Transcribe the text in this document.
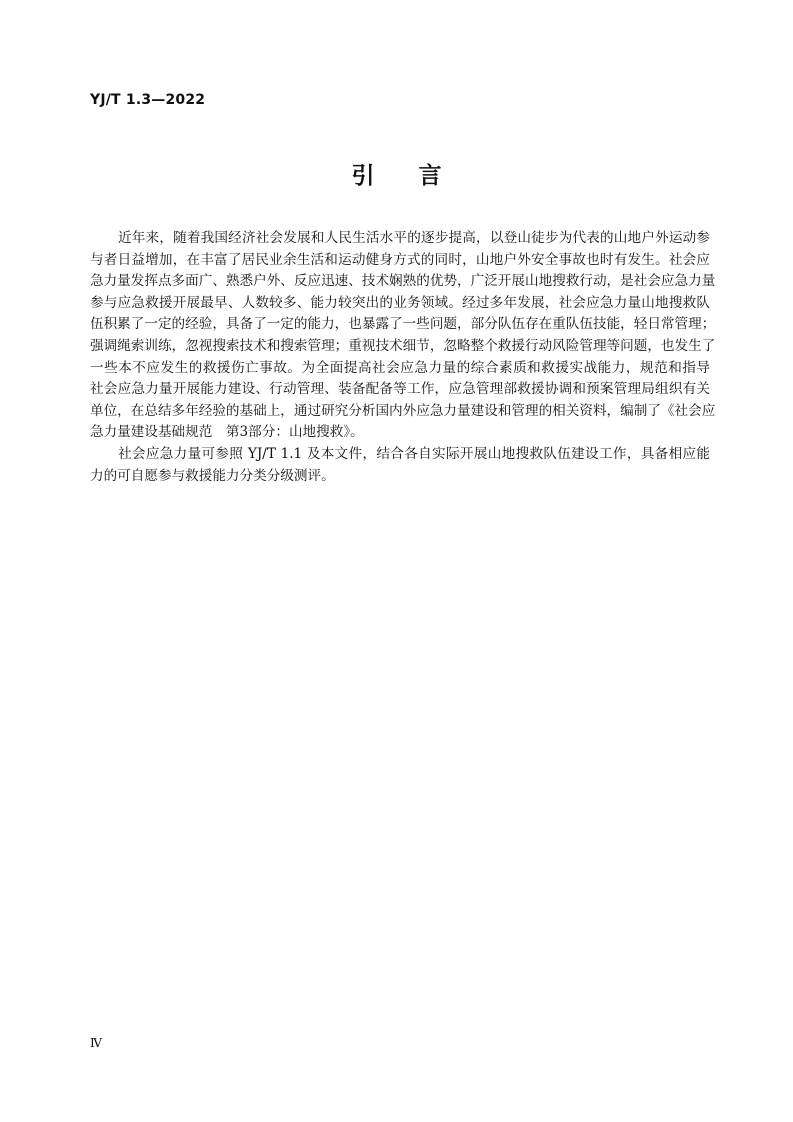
YJ/T 1.3—2022
引 言
近年来，随着我国经济社会发展和人民生活水平的逐步提高，以登山徒步为代表的山地户外运动参
与者日益增加，在丰富了居民业余生活和运动健身方式的同时，山地户外安全事故也时有发生。社会应
急力量发挥点多面广、熟悉户外、反应迅速、技术娴熟的优势，广泛开展山地搜救行动，是社会应急力量
参与应急救援开展最早、人数较多、能力较突出的业务领域。经过多年发展，社会应急力量山地搜救队
伍积累了一定的经验，具备了一定的能力，也暴露了一些问题，部分队伍存在重队伍技能，轻日常管理；
强调绳索训练，忽视搜索技术和搜索管理；重视技术细节，忽略整个救援行动风险管理等问题，也发生了
一些本不应发生的救援伤亡事故。为全面提高社会应急力量的综合素质和救援实战能力，规范和指导
社会应急力量开展能力建设、行动管理、装备配备等工作，应急管理部救援协调和预案管理局组织有关
单位，在总结多年经验的基础上，通过研究分析国内外应急力量建设和管理的相关资料，编制了《社会应
急力量建设基础规范　第3部分：山地搜救》。
社会应急力量可参照 YJ/T 1.1 及本文件，结合各自实际开展山地搜救队伍建设工作，具备相应能
力的可自愿参与救援能力分类分级测评。
Ⅳ
